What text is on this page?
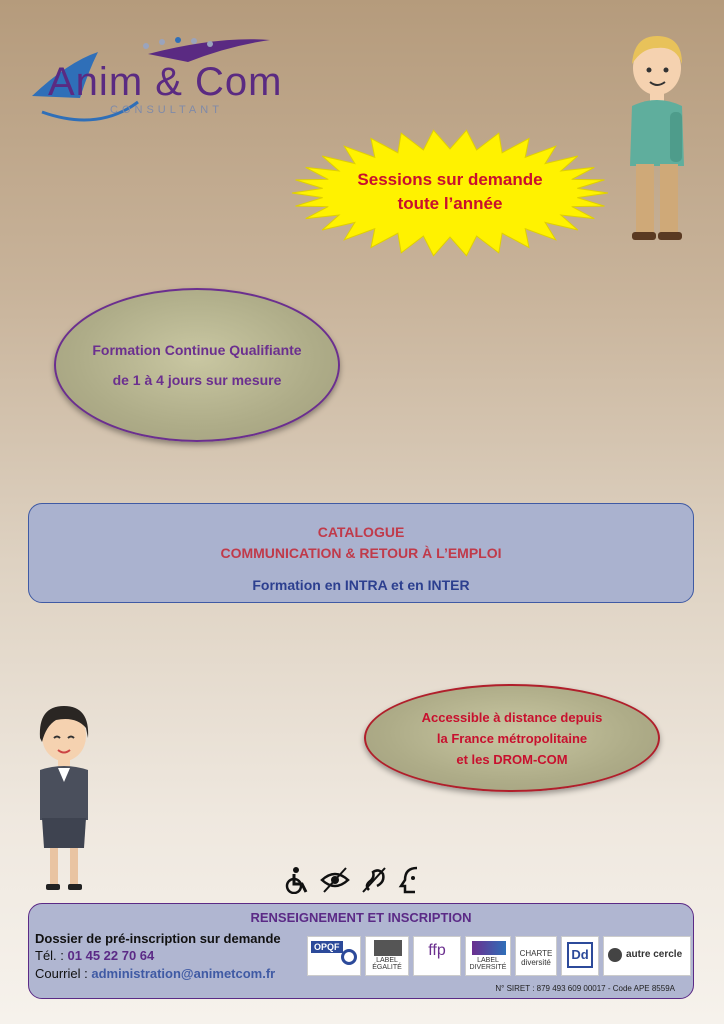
Anim & Com
CONSULTANT
Sessions sur demande
toute l’année
Formation Continue Qualifiante
de 1 à 4 jours sur mesure
CATALOGUE
COMMUNICATION & RETOUR À L’EMPLOI
Formation en INTRA et en INTER
Accessible à distance depuis
la France métropolitaine
et les DROM-COM

RENSEIGNEMENT ET INSCRIPTION
Dossier de pré-inscription sur demande
Tél. : 01 45 22 70 64
Courriel : administration@animetcom.fr
OPQF
LABEL ÉGALITÉ
ffp
LABEL DIVERSITÉ
CHARTE diversité
Dd	autre cercle
N° SIRET : 879 493 609 00017 - Code APE 8559A
